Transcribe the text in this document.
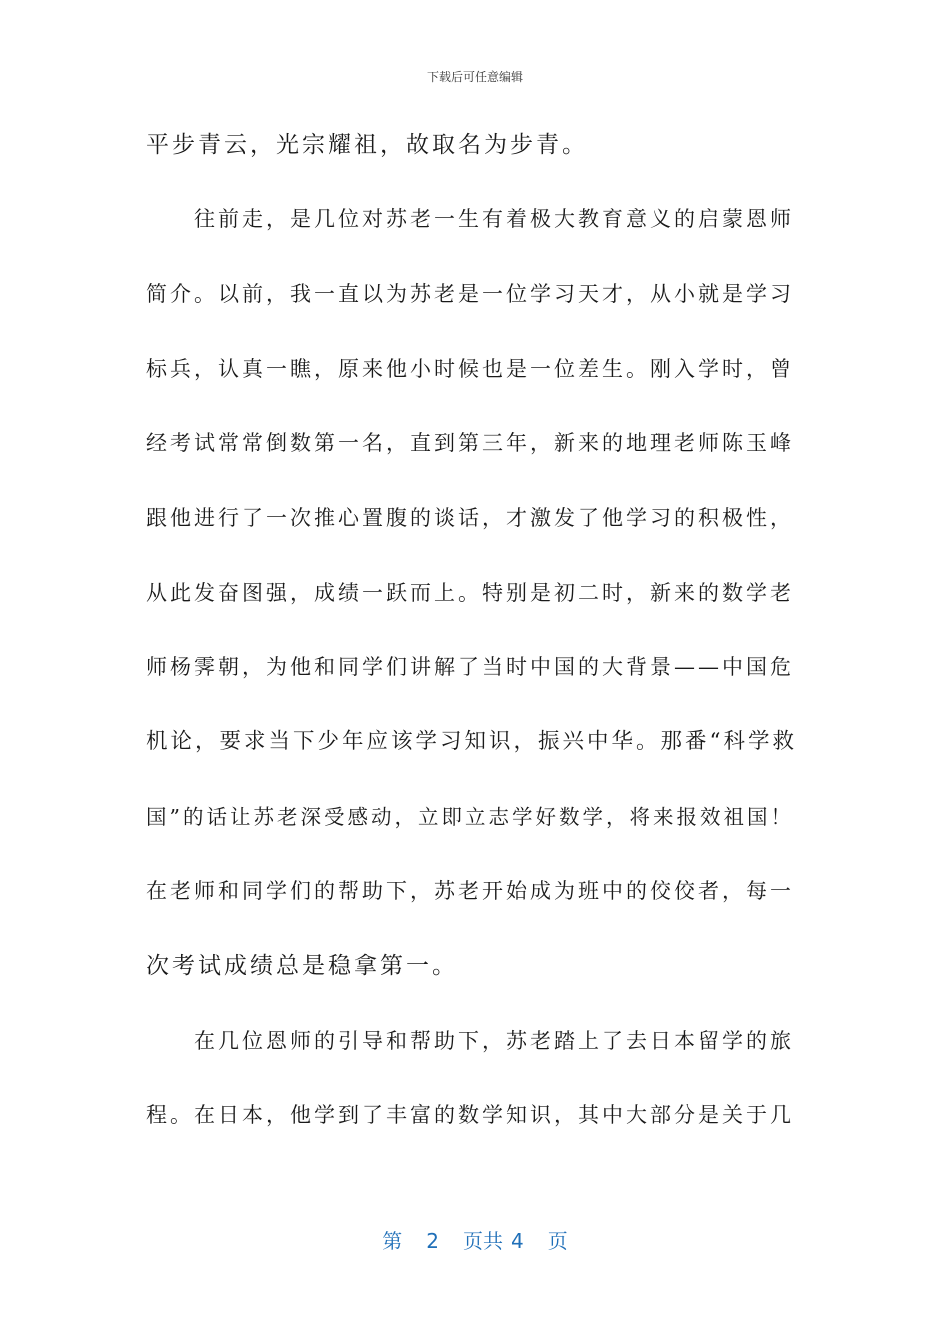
下载后可任意编辑
平步青云，光宗耀祖，故取名为步青。
往前走，是几位对苏老一生有着极大教育意义的启蒙恩师
简介。以前，我一直以为苏老是一位学习天才，从小就是学习
标兵，认真一瞧，原来他小时候也是一位差生。刚入学时，曾
经考试常常倒数第一名，直到第三年，新来的地理老师陈玉峰
跟他进行了一次推心置腹的谈话，才激发了他学习的积极性，
从此发奋图强，成绩一跃而上。特别是初二时，新来的数学老
师杨霁朝，为他和同学们讲解了当时中国的大背景——中国危
机论，要求当下少年应该学习知识，振兴中华。那番“科学救
国”的话让苏老深受感动，立即立志学好数学，将来报效祖国！
在老师和同学们的帮助下，苏老开始成为班中的佼佼者，每一
次考试成绩总是稳拿第一。
在几位恩师的引导和帮助下，苏老踏上了去日本留学的旅
程。在日本，他学到了丰富的数学知识，其中大部分是关于几
第 2 页共 4 页
